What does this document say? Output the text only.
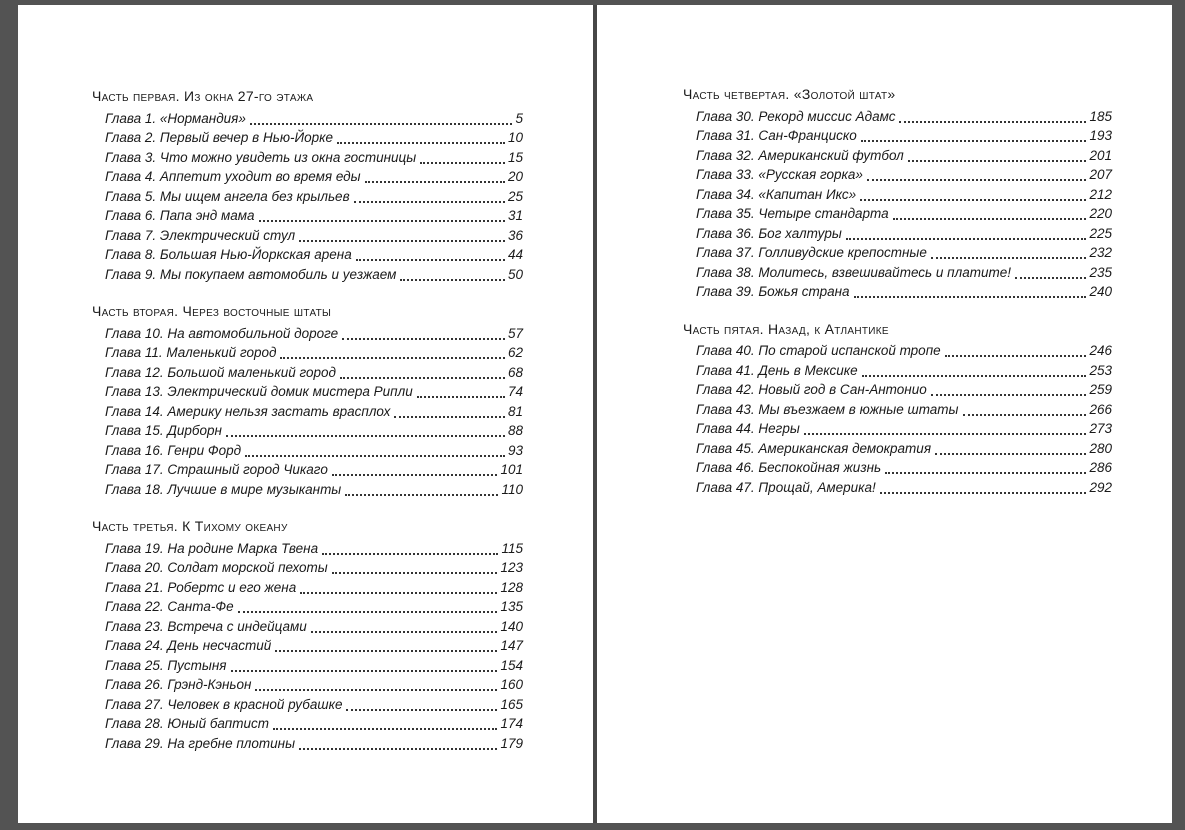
Часть первая. Из окна 27-го этажа
Глава 1. «Нормандия»	5
Глава 2. Первый вечер в Нью-Йорке	10
Глава 3. Что можно увидеть из окна гостиницы	15
Глава 4. Аппетит уходит во время еды	20
Глава 5. Мы ищем ангела без крыльев	25
Глава 6. Папа энд мама	31
Глава 7. Электрический стул	36
Глава 8. Большая Нью-Йоркская арена	44
Глава 9. Мы покупаем автомобиль и уезжаем	50
Часть вторая. Через восточные штаты
Глава 10. На автомобильной дороге	57
Глава 11. Маленький город	62
Глава 12. Большой маленький город	68
Глава 13. Электрический домик мистера Рипли	74
Глава 14. Америку нельзя застать врасплох	81
Глава 15. Дирборн	88
Глава 16. Генри Форд	93
Глава 17. Страшный город Чикаго	101
Глава 18. Лучшие в мире музыканты	110
Часть третья. К Тихому океану
Глава 19. На родине Марка Твена	115
Глава 20. Солдат морской пехоты	123
Глава 21. Робертс и его жена	128
Глава 22. Санта-Фе	135
Глава 23. Встреча с индейцами	140
Глава 24. День несчастий	147
Глава 25. Пустыня	154
Глава 26. Грэнд-Кэньон	160
Глава 27. Человек в красной рубашке	165
Глава 28. Юный баптист	174
Глава 29. На гребне плотины	179
Часть четвертая. «Золотой штат»
Глава 30. Рекорд миссис Адамс	185
Глава 31. Сан-Франциско	193
Глава 32. Американский футбол	201
Глава 33. «Русская горка»	207
Глава 34. «Капитан Икс»	212
Глава 35. Четыре стандарта	220
Глава 36. Бог халтуры	225
Глава 37. Голливудские крепостные	232
Глава 38. Молитесь, взвешивайтесь и платите!	235
Глава 39. Божья страна	240
Часть пятая. Назад, к Атлантике
Глава 40. По старой испанской тропе	246
Глава 41. День в Мексике	253
Глава 42. Новый год в Сан-Антонио	259
Глава 43. Мы въезжаем в южные штаты	266
Глава 44. Негры	273
Глава 45. Американская демократия	280
Глава 46. Беспокойная жизнь	286
Глава 47. Прощай, Америка!	292
